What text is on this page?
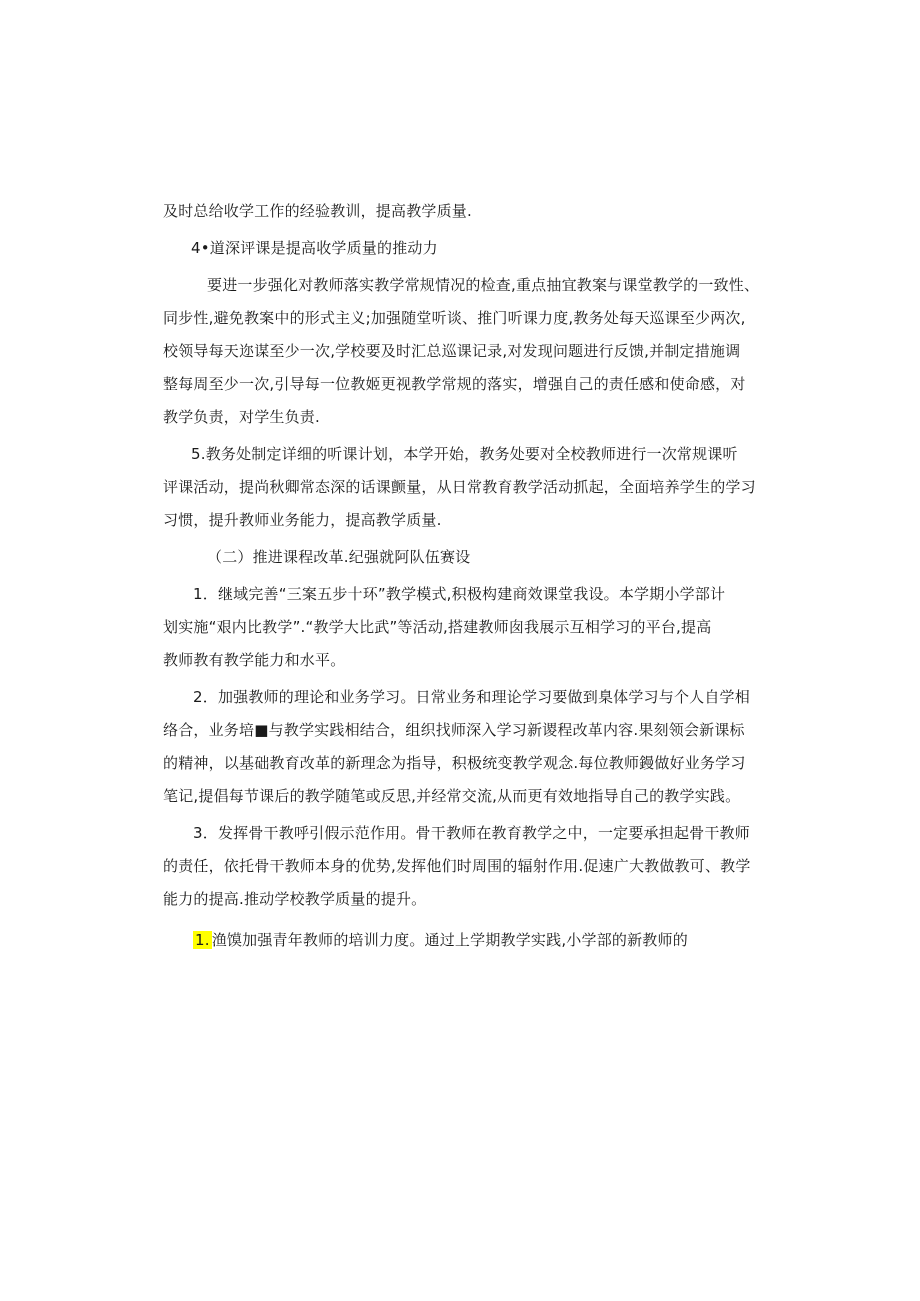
及时总给收学工作的经验教训，提高教学质量.
4•道深评课是提高收学质量的推动力
要进一步强化对教师落实教学常规情况的检查,重点抽宜教案与课堂教学的一致性、
同步性,避免教案中的形式主义;加强随堂听谈、推门听课力度,教务处每天巡课至少两次,
校领导每天迩谋至少一次,学校要及时汇总巡课记录,对发现问题进行反馈,并制定措施调
整每周至少一次,引导每一位教姬更视教学常规的落实，增强自己的责任感和使命感，对
教学负责，对学生负责.
5.教务处制定详细的听课计划，本学开始，教务处要对全校教师进行一次常规课听
评课活动，提尚秋卿常态深的话课颤量，从日常教育教学活动抓起，全面培养学生的学习
习惯，提升教师业务能力，提高教学质量.
（二）推进课程改革.纪强就阿队伍赛设
1．继域完善“三案五步十环”教学模式,积极构建商效课堂我设。本学期小学部计
划实施“艰内比教学”.“教学大比武”等活动,搭建教师囱我展示互相学习的平台,提高
教师教有教学能力和水平。
2．加强教师的理论和业务学习。日常业务和理论学习要做到臬体学习与个人自学相
络合，业务培■与教学实践相结合，组织找师深入学习新谡程改革内容.果刻领会新课标
的精神，以基础教育改革的新理念为指导，积极统变教学观念.每位教师鏝做好业务学习
笔记,提倡每节课后的教学随笔或反思,并经常交流,从而更有效地指导自己的教学实践。
3．发挥骨干教呼引假示范作用。骨干教师在教育教学之中，一定要承担起骨干教师
的责任，依托骨干教师本身的优势,发挥他们时周围的辐射作用.促速广大教做教可、教学
能力的提高.推动学校教学质量的提升。
1. 渔馍加强青年教师的培训力度。通过上学期教学实践,小学部的新教师的
